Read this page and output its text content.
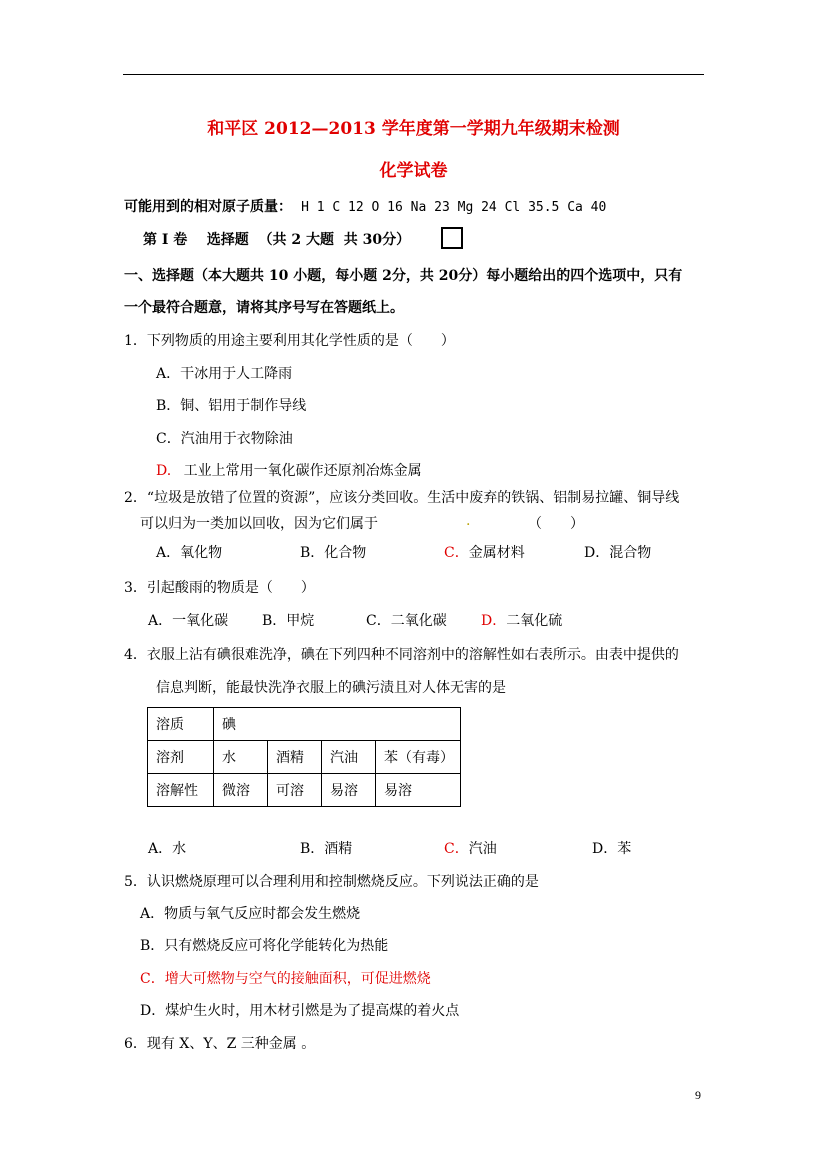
和平区 2012—2013 学年度第一学期九年级期末检测
化学试卷
可能用到的相对原子质量： H 1 C 12 O 16 Na 23 Mg 24 Cl 35.5 Ca 40
第 I 卷    选择题  （共 2 大题  共 30分）
一、选择题（本大题共 10 小题，每小题 2分，共 20分）每小题给出的四个选项中，只有
一个最符合题意，请将其序号写在答题纸上。
1．下列物质的用途主要利用其化学性质的是（　　）
A．干冰用于人工降雨
B．铜、铝用于制作导线
C．汽油用于衣物除油
D. 工业上常用一氧化碳作还原剂冶炼金属
2．“垃圾是放错了位置的资源”，应该分类回收。生活中废弃的铁锅、铝制易拉罐、铜导线
可以归为一类加以回收，因为它们属于	.	（　　）
A．氧化物	B．化合物	C．金属材料	D．混合物
3．引起酸雨的物质是（　　）
A．一氧化碳 B．甲烷	C．二氧化碳 D．二氧化硫
4．衣服上沾有碘很难洗净，碘在下列四种不同溶剂中的溶解性如右表所示。由表中提供的
信息判断，能最快洗净衣服上的碘污渍且对人体无害的是
溶质	碘			
溶剂	水	酒精	汽油	苯（有毒）
溶解性	微溶	可溶	易溶	易溶
A．水	B．酒精	C．汽油	D．苯
5．认识燃烧原理可以合理利用和控制燃烧反应。下列说法正确的是
A．物质与氧气反应时都会发生燃烧
B．只有燃烧反应可将化学能转化为热能
C．增大可燃物与空气的接触面积，可促进燃烧
D．煤炉生火时，用木材引燃是为了提高煤的着火点
6．现有 X、Y、Z 三种金属 。
9
